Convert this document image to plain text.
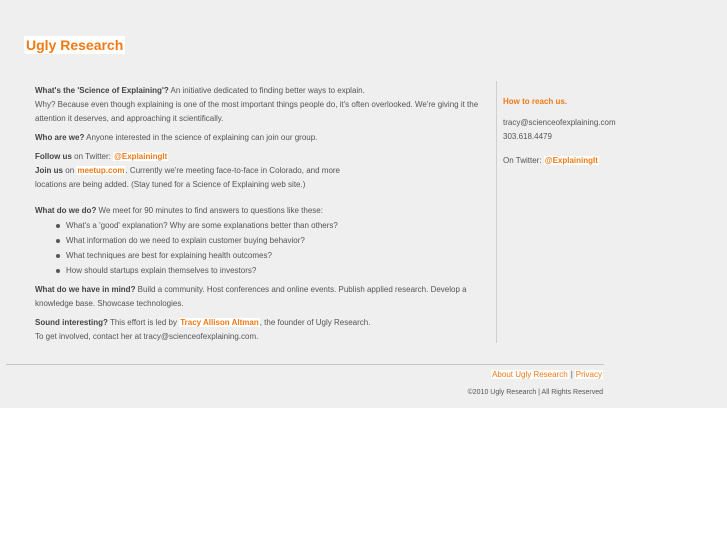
Ugly Research

What's the 'Science of Explaining'? An initiative dedicated to finding better ways to explain.
Why? Because even though explaining is one of the most important things people do, it's often overlooked. We're giving it the
attention it deserves, and approaching it scientifically.

Who are we? Anyone interested in the science of explaining can join our group.

Follow us on Twitter: @ExplainingIt
Join us on meetup.com. Currently we're meeting face-to-face in Colorado, and more
locations are being added. (Stay tuned for a Science of Explaining web site.)

What do we do? We meet for 90 minutes to find answers to questions like these:

What's a 'good' explanation? Why are some explanations better than others?
What information do we need to explain customer buying behavior?
What techniques are best for explaining health outcomes?
How should startups explain themselves to investors?

What do we have in mind? Build a community. Host conferences and online events. Publish applied research. Develop a
knowledge base. Showcase technologies.

Sound interesting? This effort is led by Tracy Allison Altman, the founder of Ugly Research.
To get involved, contact her at tracy@scienceofexplaining.com.

How to reach us.

tracy@scienceofexplaining.com

303.618.4479

On Twitter: @ExplainingIt

About Ugly Research | Privacy
©2010 Ugly Research | All Rights Reserved
